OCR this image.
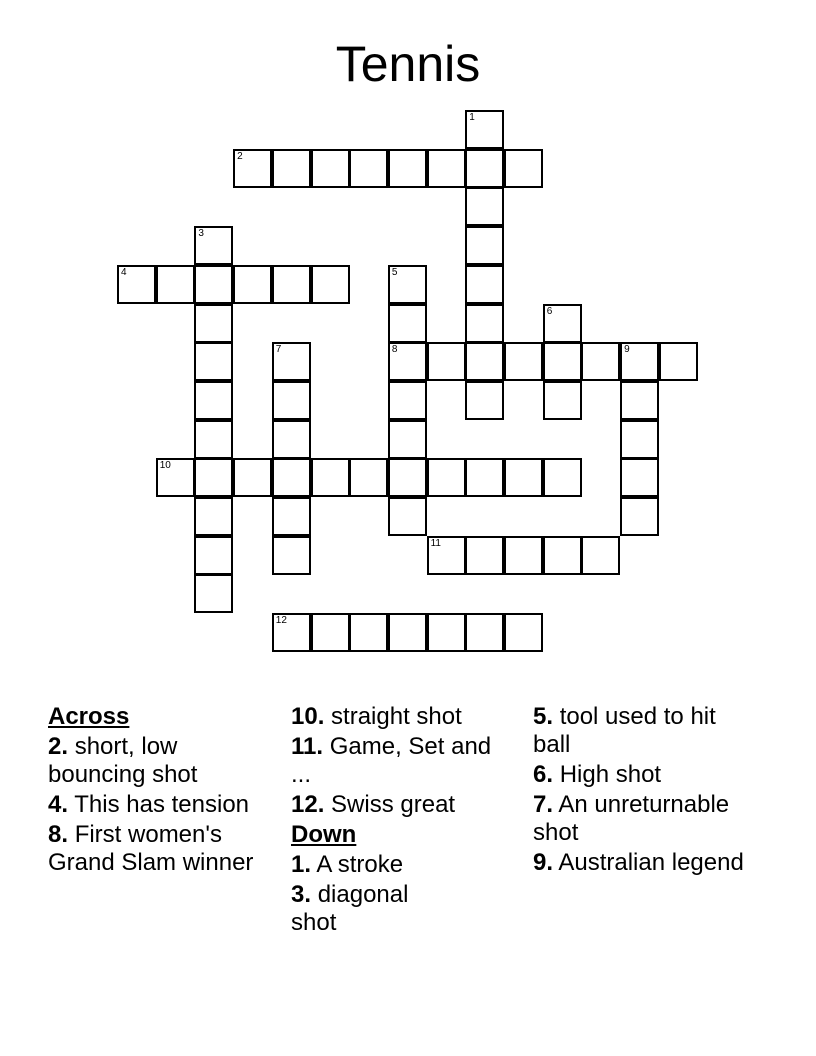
Tennis
1
2
3
4	5
6
7	8	9
10
11
12
Across
2. short, low bouncing shot
4. This has tension
8. First women's Grand Slam winner
10. straight shot
11. Game, Set and ...
12. Swiss great
Down
1. A stroke
3. diagonal shot
5. tool used to hit ball
6. High shot
7. An unreturnable shot
9. Australian legend
